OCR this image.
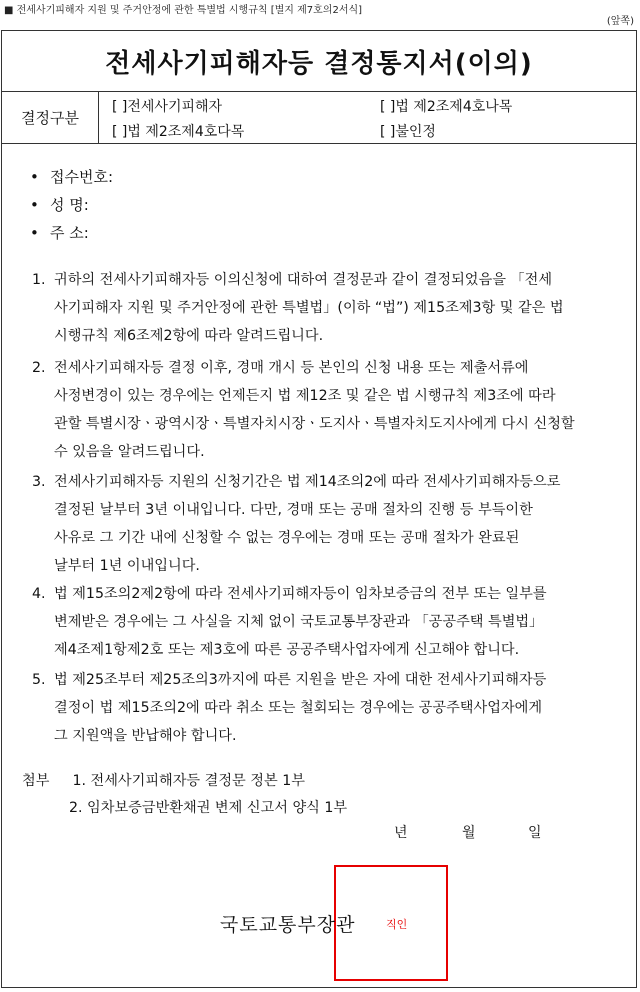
■ 전세사기피해자 지원 및 주거안정에 관한 특별법 시행규칙 [별지 제7호의2서식]
(앞쪽)
전세사기피해자등 결정통지서(이의)
결정구분
[ ]전세사기피해자	[ ]법 제2조제4호나목
[ ]법 제2조제4호다목	[ ]불인정
• 접수번호:
• 성 명:
• 주 소:
1. 귀하의 전세사기피해자등 이의신청에 대하여 결정문과 같이 결정되었음을 「전세
사기피해자 지원 및 주거안정에 관한 특별법」(이하 “법”) 제15조제3항 및 같은 법
시행규칙 제6조제2항에 따라 알려드립니다.
2. 전세사기피해자등 결정 이후, 경매 개시 등 본인의 신청 내용 또는 제출서류에
사정변경이 있는 경우에는 언제든지 법 제12조 및 같은 법 시행규칙 제3조에 따라
관할 특별시장ㆍ광역시장ㆍ특별자치시장ㆍ도지사ㆍ특별자치도지사에게 다시 신청할
수 있음을 알려드립니다.
3. 전세사기피해자등 지원의 신청기간은 법 제14조의2에 따라 전세사기피해자등으로
결정된 날부터 3년 이내입니다. 다만, 경매 또는 공매 절차의 진행 등 부득이한
사유로 그 기간 내에 신청할 수 없는 경우에는 경매 또는 공매 절차가 완료된
날부터 1년 이내입니다.
4. 법 제15조의2제2항에 따라 전세사기피해자등이 임차보증금의 전부 또는 일부를
변제받은 경우에는 그 사실을 지체 없이 국토교통부장관과 「공공주택 특별법」
제4조제1항제2호 또는 제3호에 따른 공공주택사업자에게 신고해야 합니다.
5. 법 제25조부터 제25조의3까지에 따른 지원을 받은 자에 대한 전세사기피해자등
결정이 법 제15조의2에 따라 취소 또는 철회되는 경우에는 공공주택사업자에게
그 지원액을 반납해야 합니다.
첨부 1. 전세사기피해자등 결정문 정본 1부
2. 임차보증금반환채권 변제 신고서 양식 1부
년	월	일
국토교통부장관	직인
